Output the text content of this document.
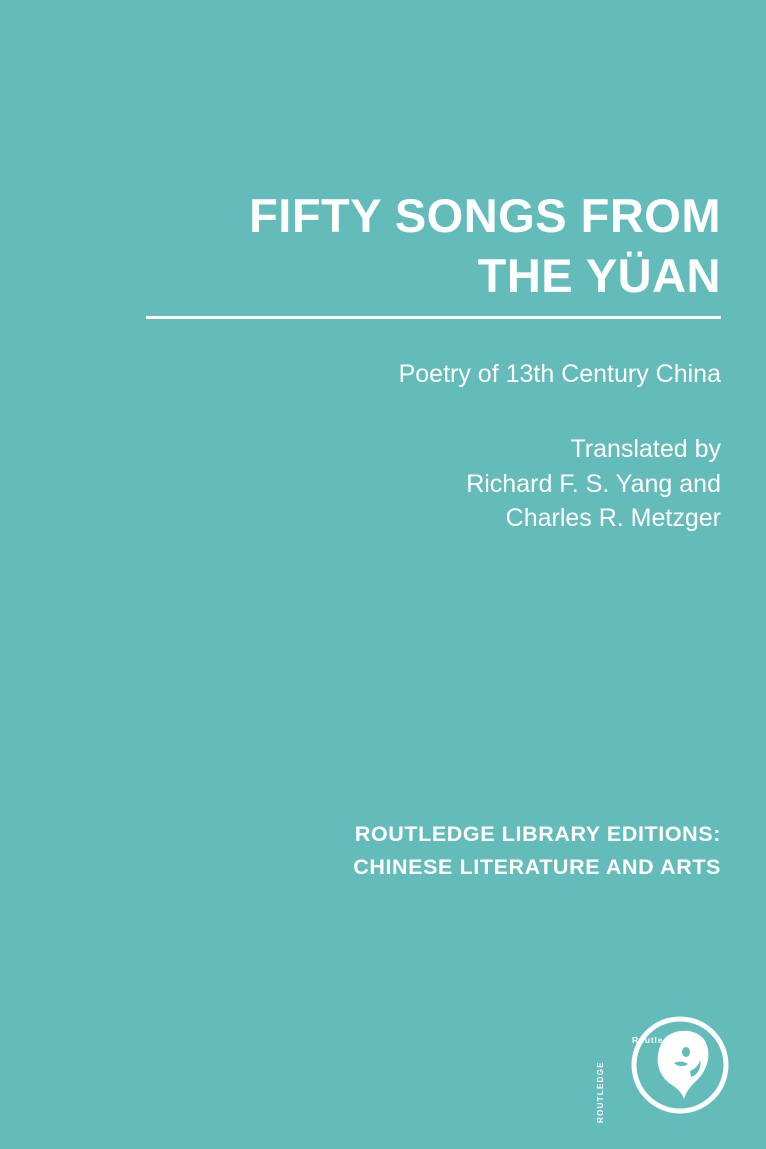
FIFTY SONGS FROM THE YÜAN
Poetry of 13th Century China
Translated by
Richard F. S. Yang and
Charles R. Metzger
ROUTLEDGE LIBRARY EDITIONS:
CHINESE LITERATURE AND ARTS
ROUTLEDGE
Routledge
